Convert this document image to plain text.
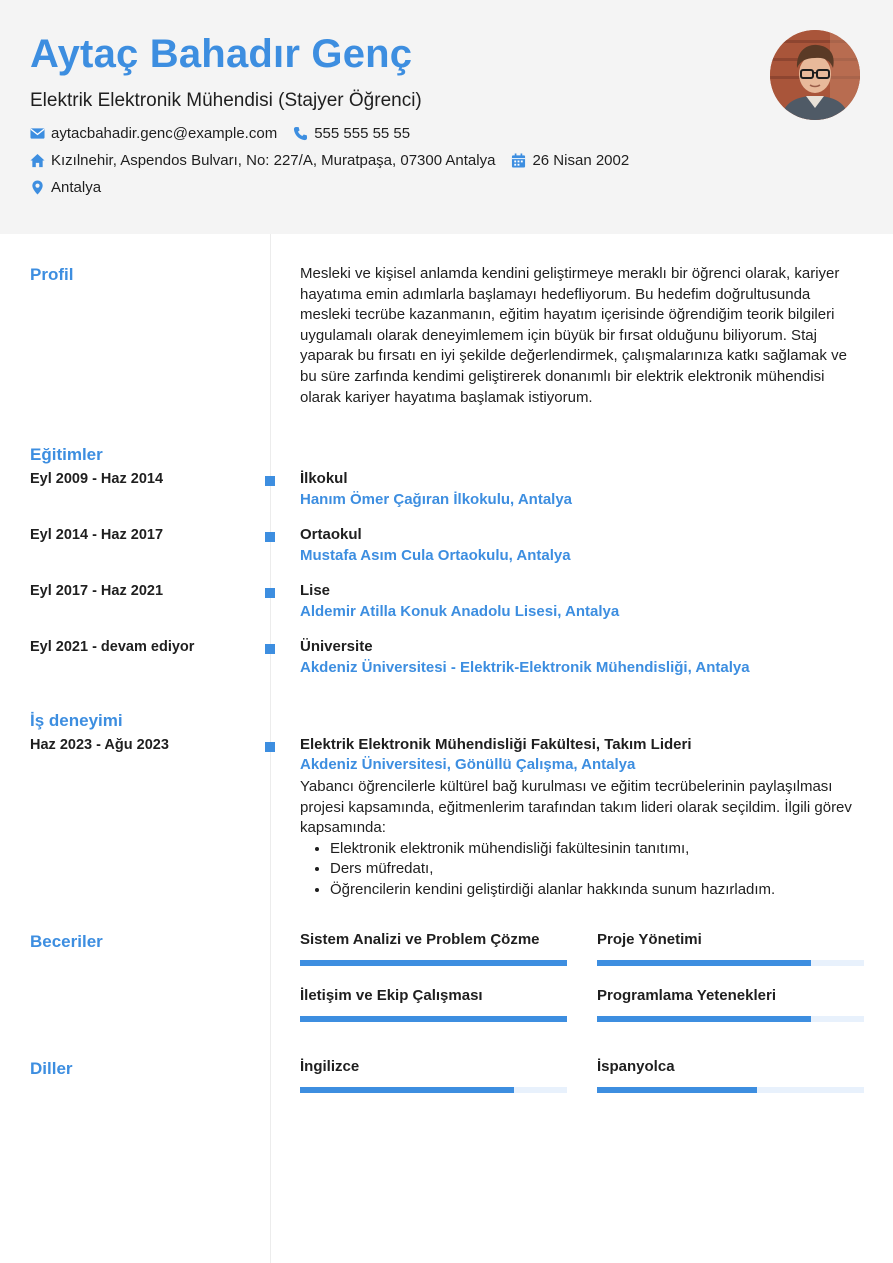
Aytaç Bahadır Genç
Elektrik Elektronik Mühendisi (Stajyer Öğrenci)
aytacbahadir.genc@example.com 555 555 55 55
Kızılnehir, Aspendos Bulvarı, No: 227/A, Muratpaşa, 07300 Antalya 26 Nisan 2002
Antalya
Profil	Mesleki ve kişisel anlamda kendini geliştirmeye meraklı bir öğrenci olarak, kariyer hayatıma emin adımlarla başlamayı hedefliyorum. Bu hedefim doğrultusunda mesleki tecrübe kazanmanın, eğitim hayatım içerisinde öğrendiğim teorik bilgileri uygulamalı olarak deneyimlemem için büyük bir fırsat olduğunu biliyorum. Staj yaparak bu fırsatı en iyi şekilde değerlendirmek, çalışmalarınıza katkı sağlamak ve bu süre zarfında kendimi geliştirerek donanımlı bir elektrik elektronik mühendisi olarak kariyer hayatıma başlamak istiyorum.
Eğitimler
Eyl 2009 - Haz 2014	İlkokul
Hanım Ömer Çağıran İlkokulu, Antalya
Eyl 2014 - Haz 2017	Ortaokul
Mustafa Asım Cula Ortaokulu, Antalya
Eyl 2017 - Haz 2021	Lise
Aldemir Atilla Konuk Anadolu Lisesi, Antalya
Eyl 2021 - devam ediyor	Üniversite
Akdeniz Üniversitesi - Elektrik-Elektronik Mühendisliği, Antalya
İş deneyimi
Haz 2023 - Ağu 2023	Elektrik Elektronik Mühendisliği Fakültesi, Takım Lideri
Akdeniz Üniversitesi, Gönüllü Çalışma, Antalya
Yabancı öğrencilerle kültürel bağ kurulması ve eğitim tecrübelerinin paylaşılması projesi kapsamında, eğitmenlerim tarafından takım lideri olarak seçildim. İlgili görev kapsamında:
• Elektronik elektronik mühendisliği fakültesinin tanıtımı,
• Ders müfredatı,
• Öğrencilerin kendini geliştirdiği alanlar hakkında sunum hazırladım.
Beceriler	Sistem Analizi ve Problem Çözme	Proje Yönetimi
İletişim ve Ekip Çalışması	Programlama Yetenekleri
Diller	İngilizce	İspanyolca
